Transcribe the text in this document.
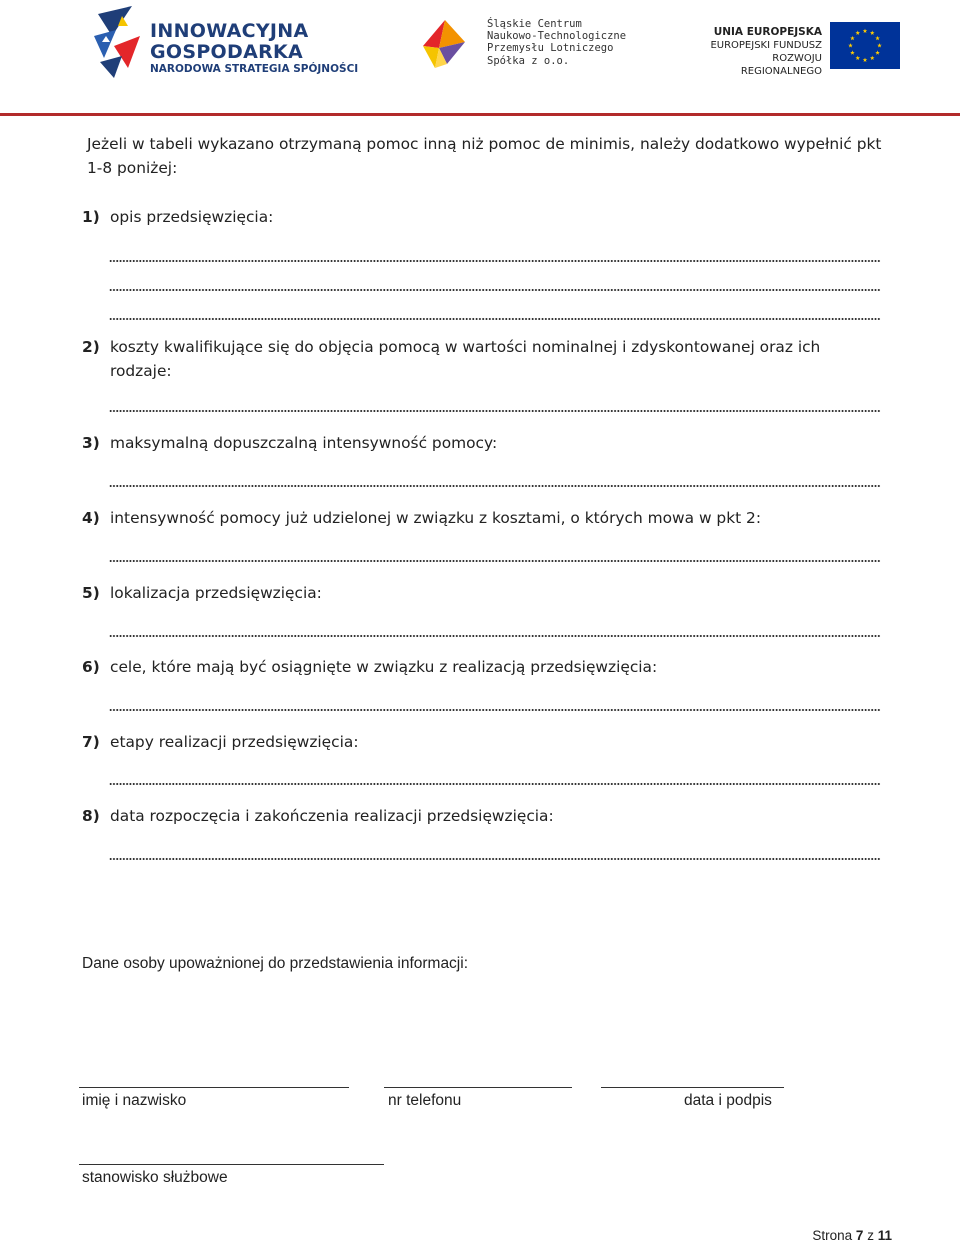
INNOWACYJNA
GOSPODARKA
NARODOWA STRATEGIA SPÓJNOŚCI
Śląskie Centrum
Naukowo-Technologiczne
Przemysłu Lotniczego
Spółka z o.o.
UNIA EUROPEJSKA
EUROPEJSKI FUNDUSZ
ROZWOJU REGIONALNEGO
Jeżeli w tabeli wykazano otrzymaną pomoc inną niż pomoc de minimis, należy dodatkowo wypełnić pkt 1-8 poniżej:
1) opis przedsięwzięcia:
2) koszty kwalifikujące się do objęcia pomocą w wartości nominalnej i zdyskontowanej oraz ich
rodzaje:
3) maksymalną dopuszczalną intensywność pomocy:
4) intensywność pomocy już udzielonej w związku z kosztami, o których mowa w pkt 2:
5) lokalizacja przedsięwzięcia:
6) cele, które mają być osiągnięte w związku z realizacją przedsięwzięcia:
7) etapy realizacji przedsięwzięcia:
8) data rozpoczęcia i zakończenia realizacji przedsięwzięcia:
Dane osoby upoważnionej do przedstawienia informacji:
imię i nazwisko	nr telefonu	data i podpis
stanowisko służbowe
Strona 7 z 11
